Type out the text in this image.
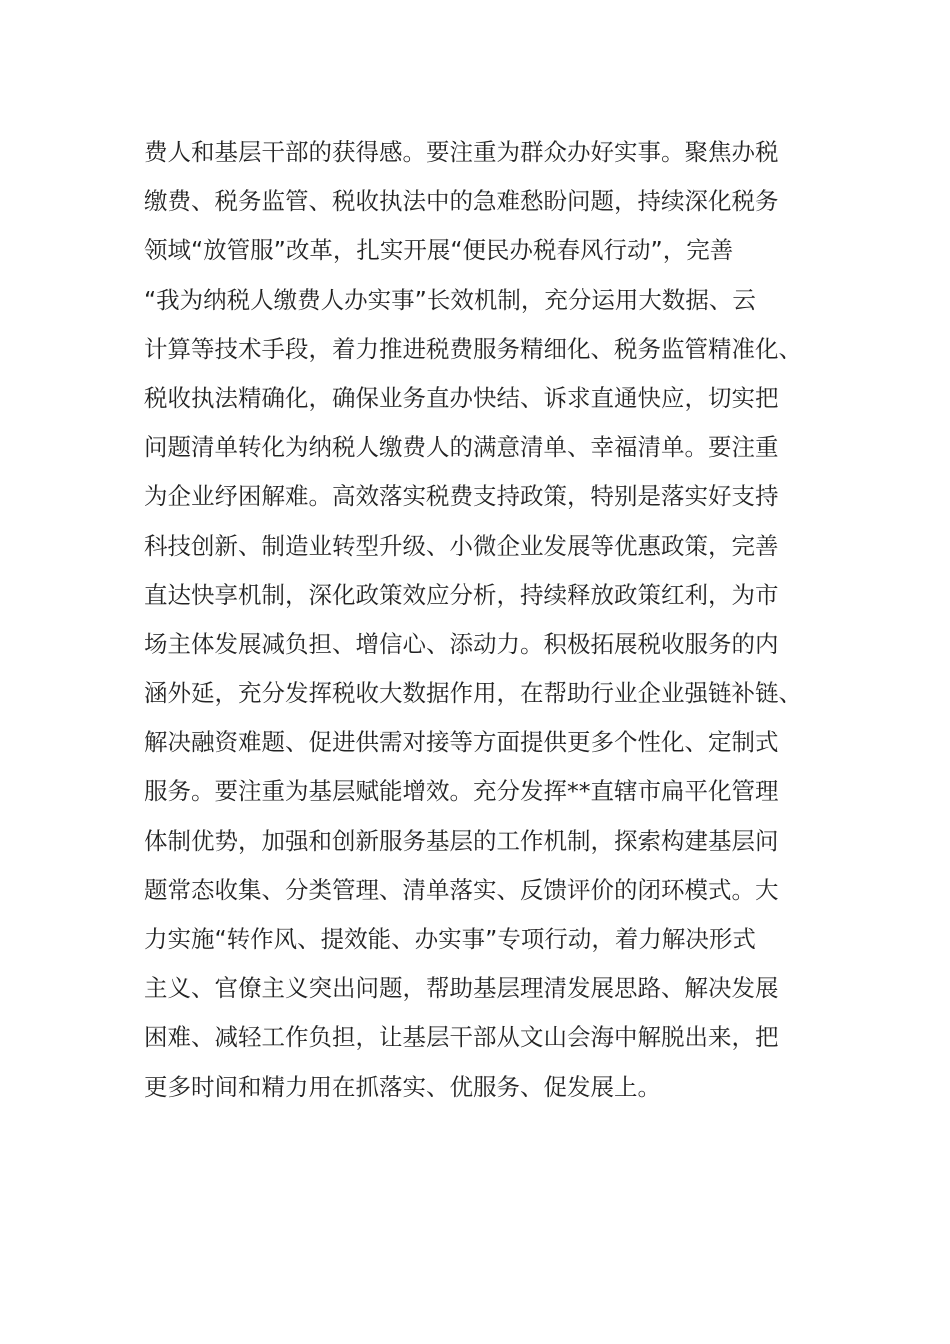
费人和基层干部的获得感。要注重为群众办好实事。聚焦办税
缴费、税务监管、税收执法中的急难愁盼问题，持续深化税务
领域“放管服”改革，扎实开展“便民办税春风行动”，完善
“我为纳税人缴费人办实事”长效机制，充分运用大数据、云
计算等技术手段，着力推进税费服务精细化、税务监管精准化、
税收执法精确化，确保业务直办快结、诉求直通快应，切实把
问题清单转化为纳税人缴费人的满意清单、幸福清单。要注重
为企业纾困解难。高效落实税费支持政策，特别是落实好支持
科技创新、制造业转型升级、小微企业发展等优惠政策，完善
直达快享机制，深化政策效应分析，持续释放政策红利，为市
场主体发展减负担、增信心、添动力。积极拓展税收服务的内
涵外延，充分发挥税收大数据作用，在帮助行业企业强链补链、
解决融资难题、促进供需对接等方面提供更多个性化、定制式
服务。要注重为基层赋能增效。充分发挥**直辖市扁平化管理
体制优势，加强和创新服务基层的工作机制，探索构建基层问
题常态收集、分类管理、清单落实、反馈评价的闭环模式。大
力实施“转作风、提效能、办实事”专项行动，着力解决形式
主义、官僚主义突出问题，帮助基层理清发展思路、解决发展
困难、减轻工作负担，让基层干部从文山会海中解脱出来，把
更多时间和精力用在抓落实、优服务、促发展上。
